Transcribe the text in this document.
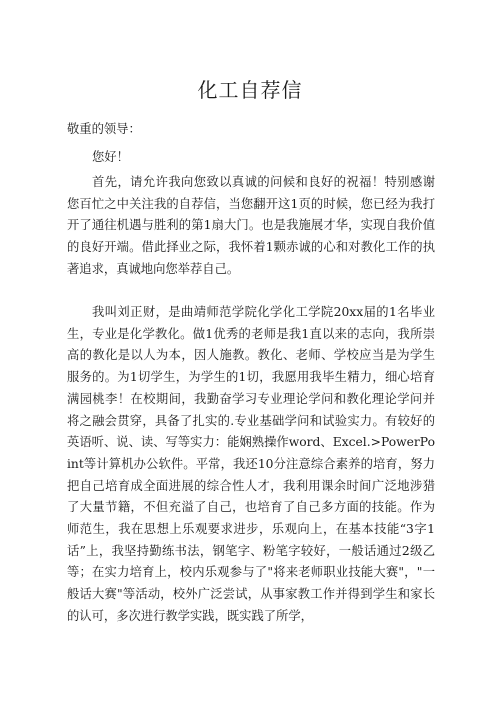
化工自荐信
敬重的领导：
您好！
首先，请允许我向您致以真诚的问候和良好的祝福！特别感谢您百忙之中关注我的自荐信，当您翻开这1页的时候，您已经为我打开了通往机遇与胜利的第1扇大门。也是我施展才华，实现自我价值的良好开端。借此择业之际，我怀着1颗赤诚的心和对教化工作的执著追求，真诚地向您举荐自己。
我叫刘正财，是曲靖师范学院化学化工学院20xx届的1名毕业生，专业是化学教化。做1优秀的老师是我1直以来的志向，我所崇高的教化是以人为本，因人施教。教化、老师、学校应当是为学生服务的。为1切学生，为学生的1切，我愿用我毕生精力，细心培育满园桃李！在校期间，我勤奋学习专业理论学问和教化理论学问并将之融会贯穿，具备了扎实的.专业基础学问和试验实力。有较好的英语听、说、读、写等实力：能娴熟操作word、Excel.>PowerPoint等计算机办公软件。平常，我还10分注意综合素养的培育，努力把自己培育成全面进展的综合性人才，我利用课余时间广泛地涉猎了大量节籍，不但充溢了自己，也培育了自己多方面的技能。作为师范生，我在思想上乐观要求进步，乐观向上，在基本技能“3字1话”上，我坚持勤练书法，钢笔字、粉笔字较好，一般话通过2级乙等；在实力培育上，校内乐观参与了"将来老师职业技能大赛"，"一般话大赛"等活动，校外广泛尝试，从事家教工作并得到学生和家长的认可，多次进行教学实践，既实践了所学，
